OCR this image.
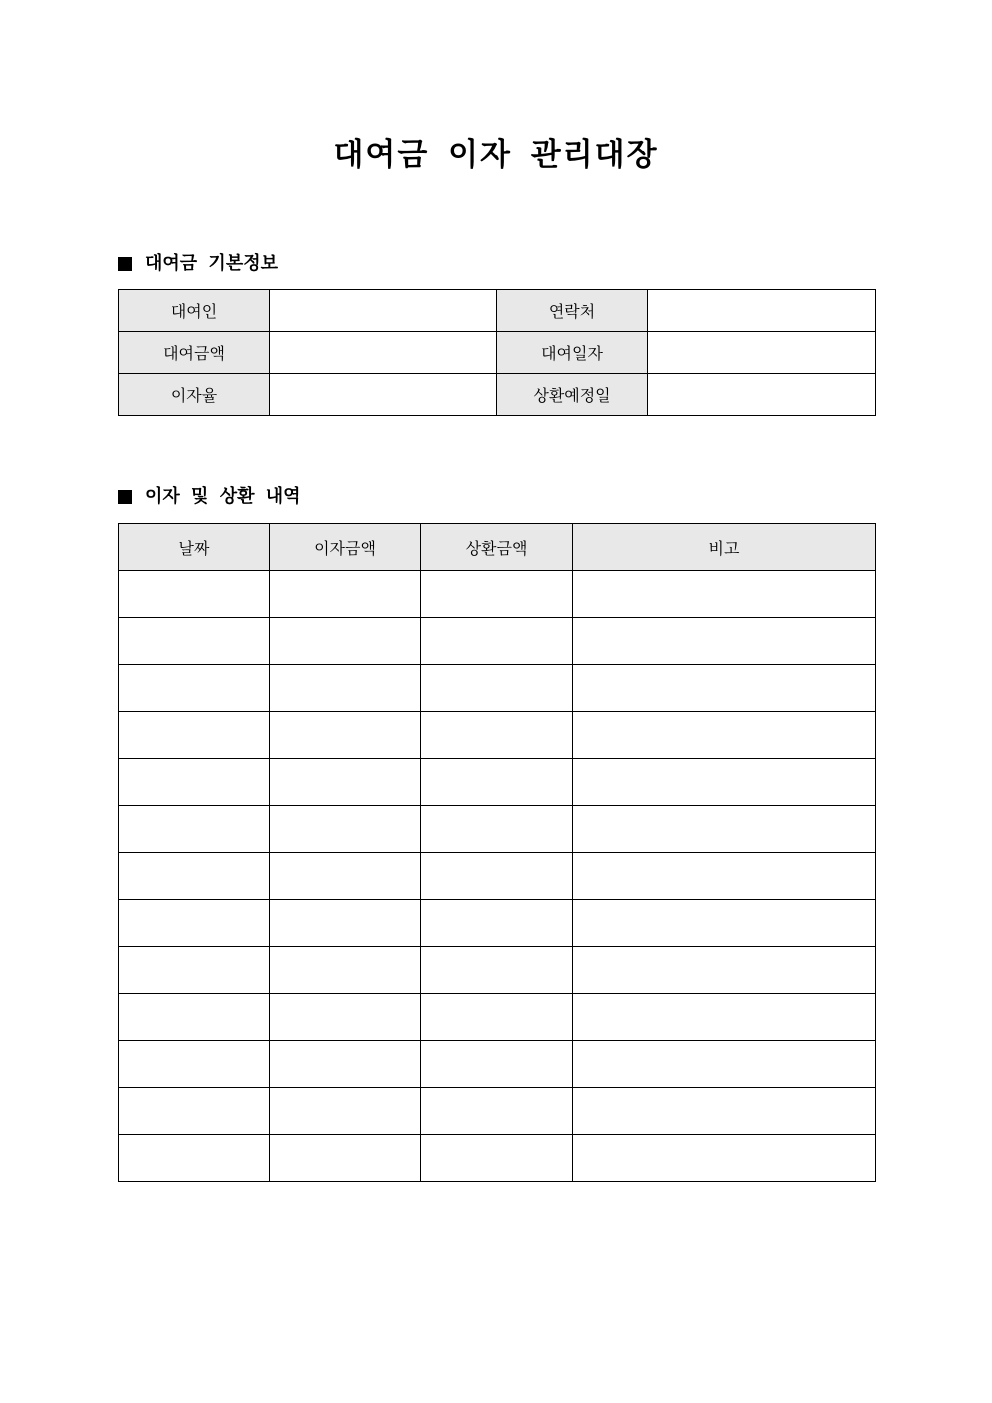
대여금 이자 관리대장
대여금 기본정보
대여인		연락처	
대여금액		대여일자	
이자율		상환예정일	
이자 및 상환 내역
날짜	이자금액	상환금액	비고
